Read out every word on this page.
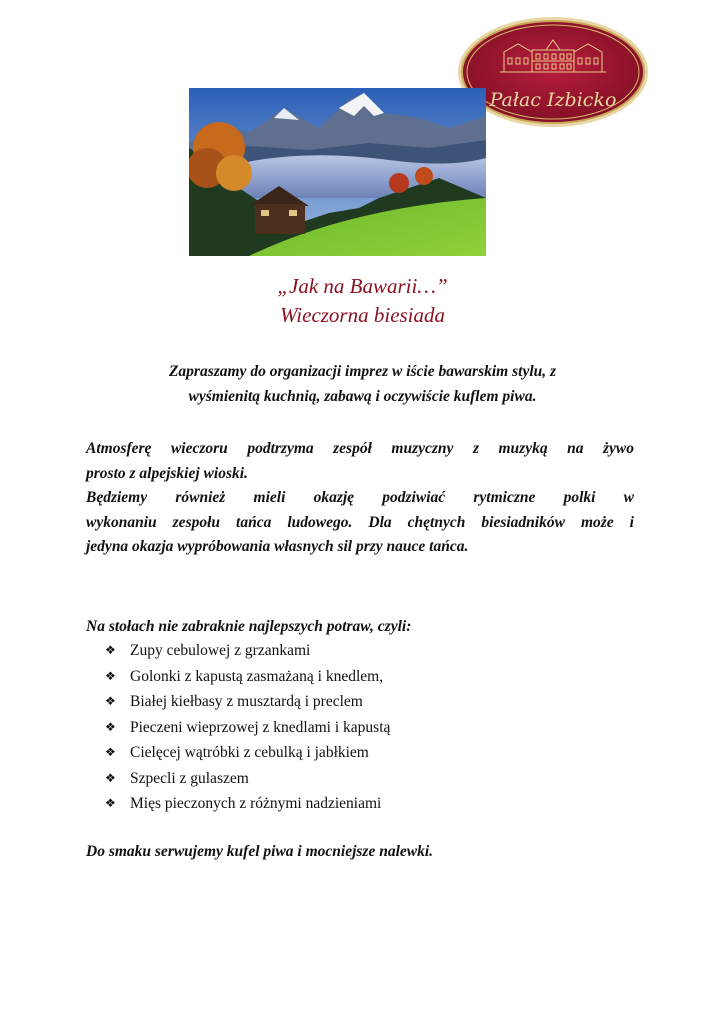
Pałac Izbicko
„Jak na Bawarii…”
Wieczorna biesiada
Zapraszamy do organizacji imprez w iście bawarskim stylu, z
wyśmienitą kuchnią, zabawą i oczywiście kuflem piwa.
Atmosferę wieczoru podtrzyma zespół muzyczny z muzyką na żywo
prosto z alpejskiej wioski.
Będziemy również mieli okazję podziwiać rytmiczne polki w
wykonaniu zespołu tańca ludowego. Dla chętnych biesiadników może i
jedyna okazja wypróbowania własnych sil przy nauce tańca.
Na stołach nie zabraknie najlepszych potraw, czyli:
❖ Zupy cebulowej z grzankami
❖ Golonki z kapustą zasmażaną i knedlem,
❖ Białej kiełbasy z musztardą i preclem
❖ Pieczeni wieprzowej z knedlami i kapustą
❖ Cielęcej wątróbki z cebulką i jabłkiem
❖ Szpecli z gulaszem
❖ Mięs pieczonych z różnymi nadzieniami
Do smaku serwujemy kufel piwa i mocniejsze nalewki.
